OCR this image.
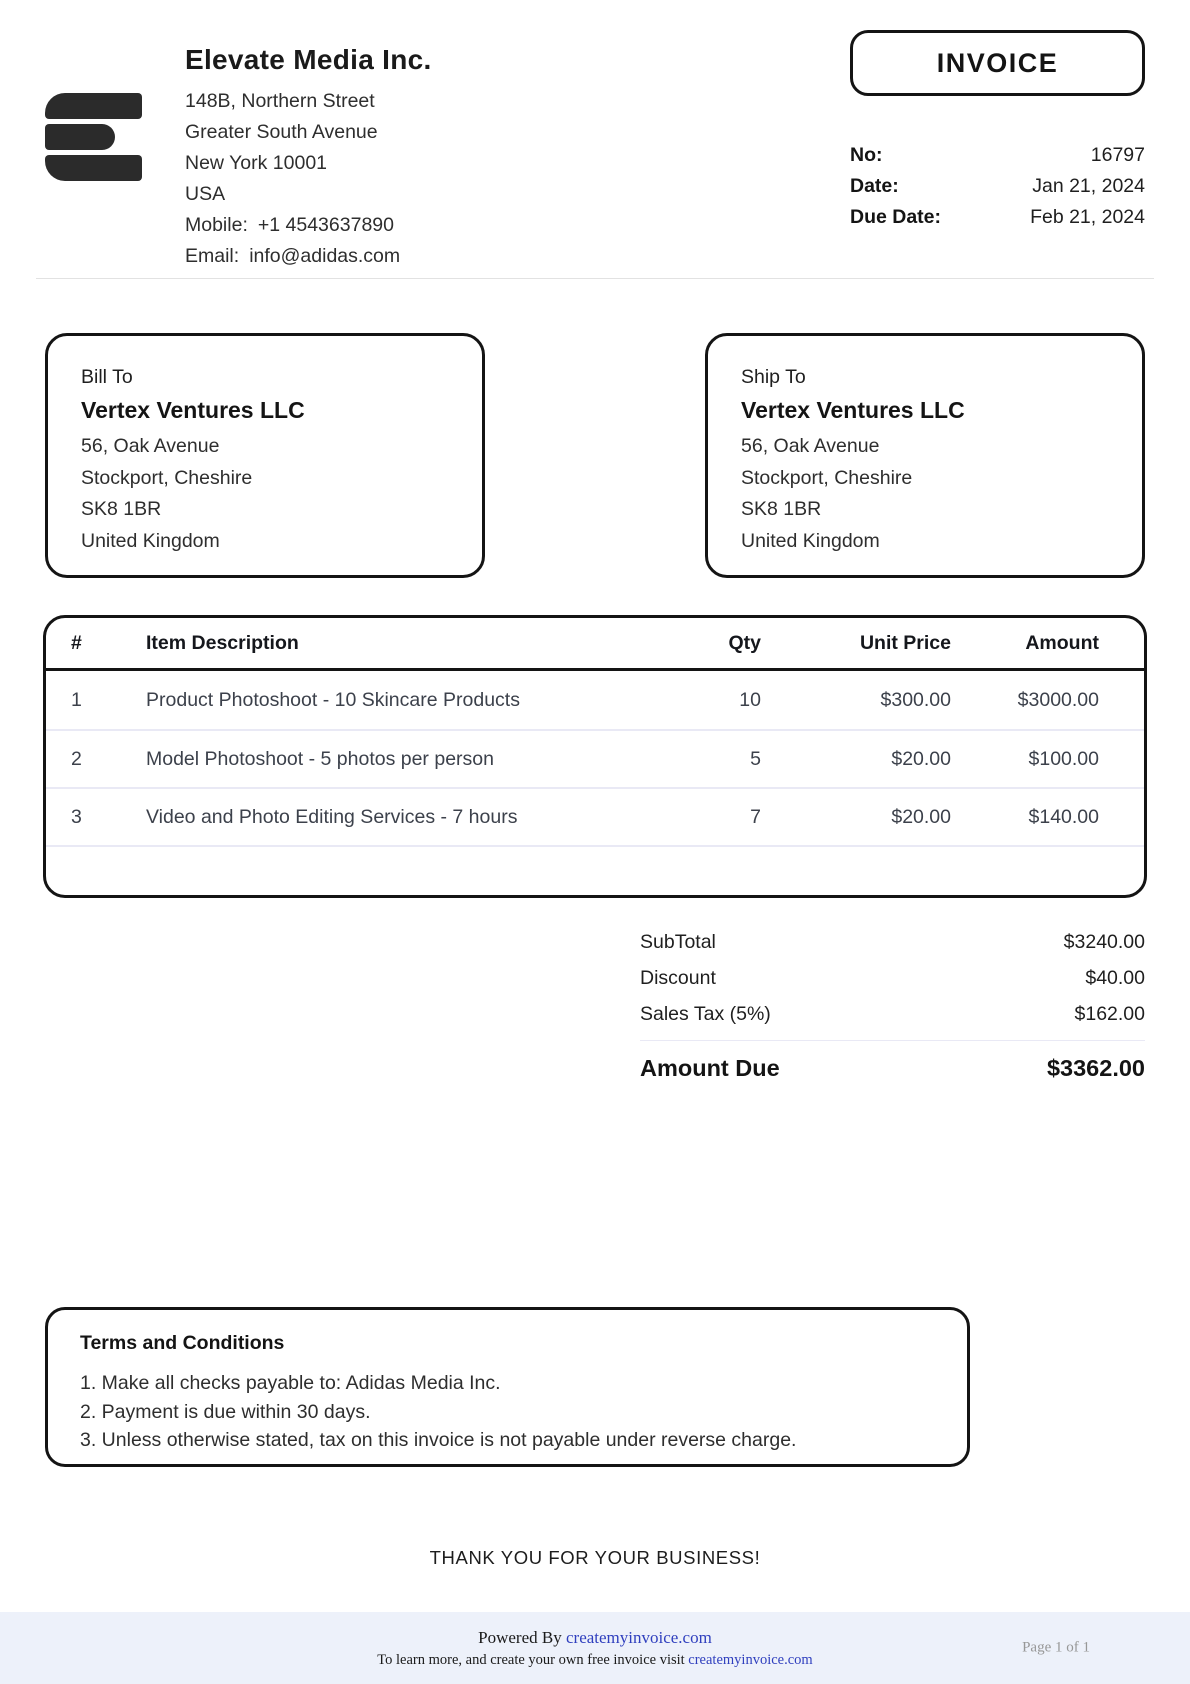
Elevate Media Inc.
148B, Northern Street
Greater South Avenue
New York 10001
USA
Mobile: +1 4543637890
Email: info@adidas.com
INVOICE
No:	16797
Date:	Jan 21, 2024
Due Date:	Feb 21, 2024
Bill To
Vertex Ventures LLC
56, Oak Avenue
Stockport, Cheshire
SK8 1BR
United Kingdom
Ship To
Vertex Ventures LLC
56, Oak Avenue
Stockport, Cheshire
SK8 1BR
United Kingdom
#	Item Description	Qty	Unit Price	Amount
1	Product Photoshoot - 10 Skincare Products	10	$300.00	$3000.00
2	Model Photoshoot - 5 photos per person	5	$20.00	$100.00
3	Video and Photo Editing Services - 7 hours	7	$20.00	$140.00
SubTotal	$3240.00
Discount	$40.00
Sales Tax (5%)	$162.00
Amount Due	$3362.00
Terms and Conditions
1. Make all checks payable to: Adidas Media Inc.
2. Payment is due within 30 days.
3. Unless otherwise stated, tax on this invoice is not payable under reverse charge.
THANK YOU FOR YOUR BUSINESS!
Powered By createmyinvoice.com
To learn more, and create your own free invoice visit createmyinvoice.com
Page 1 of 1
